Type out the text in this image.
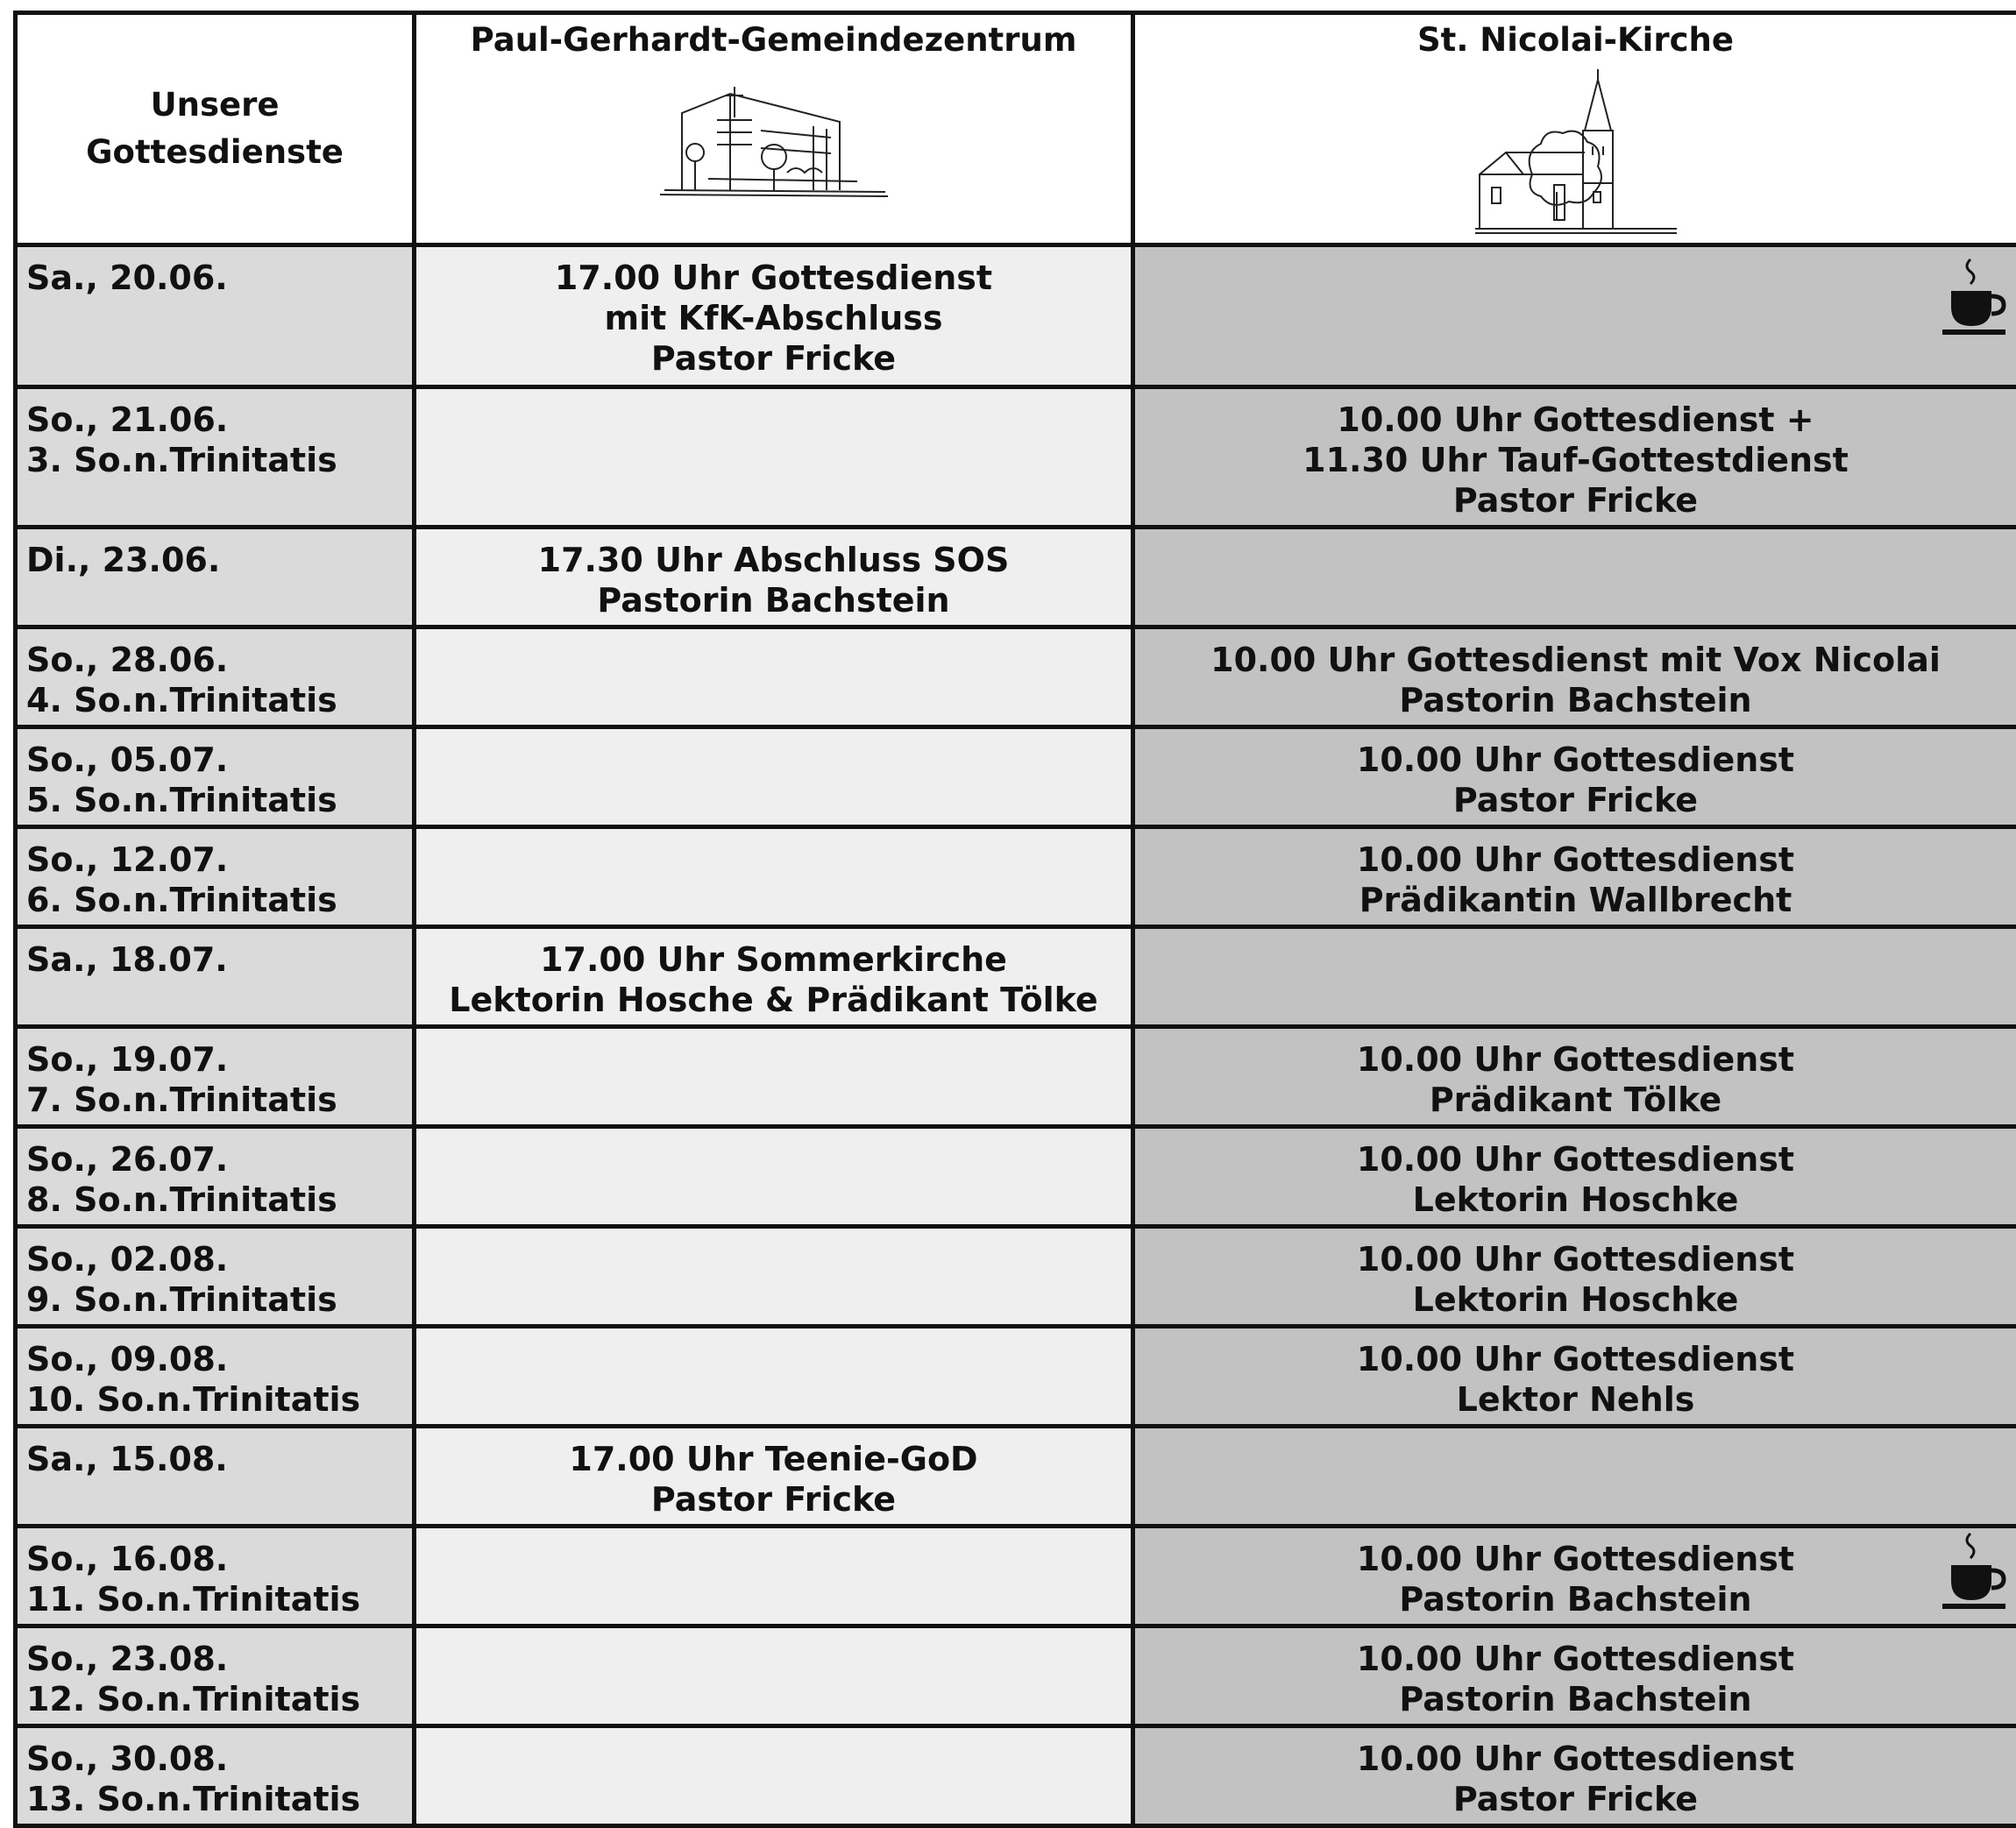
Unsere
Gottesdienste	Paul-Gerhardt-Gemeindezentrum	St. Nicolai-Kirche

Sa., 20.06.	17.00 Uhr Gottesdienst
mit KfK-Abschluss
Pastor Fricke

So., 21.06.
3. So.n.Trinitatis		10.00 Uhr Gottesdienst +
11.30 Uhr Tauf-Gottestdienst
Pastor Fricke

Di., 23.06.	17.30 Uhr Abschluss SOS
Pastorin Bachstein	

So., 28.06.
4. So.n.Trinitatis		10.00 Uhr Gottesdienst mit Vox Nicolai
Pastorin Bachstein

So., 05.07.
5. So.n.Trinitatis		10.00 Uhr Gottesdienst
Pastor Fricke

So., 12.07.
6. So.n.Trinitatis		10.00 Uhr Gottesdienst
Prädikantin Wallbrecht

Sa., 18.07.	17.00 Uhr Sommerkirche
Lektorin Hosche & Prädikant Tölke	

So., 19.07.
7. So.n.Trinitatis		10.00 Uhr Gottesdienst
Prädikant Tölke

So., 26.07.
8. So.n.Trinitatis		10.00 Uhr Gottesdienst
Lektorin Hoschke

So., 02.08.
9. So.n.Trinitatis		10.00 Uhr Gottesdienst
Lektorin Hoschke

So., 09.08.
10. So.n.Trinitatis		10.00 Uhr Gottesdienst
Lektor Nehls

Sa., 15.08.	17.00 Uhr Teenie-GoD
Pastor Fricke	

So., 16.08.
11. So.n.Trinitatis		10.00 Uhr Gottesdienst
Pastorin Bachstein

So., 23.08.
12. So.n.Trinitatis		10.00 Uhr Gottesdienst
Pastorin Bachstein

So., 30.08.
13. So.n.Trinitatis		10.00 Uhr Gottesdienst
Pastor Fricke
